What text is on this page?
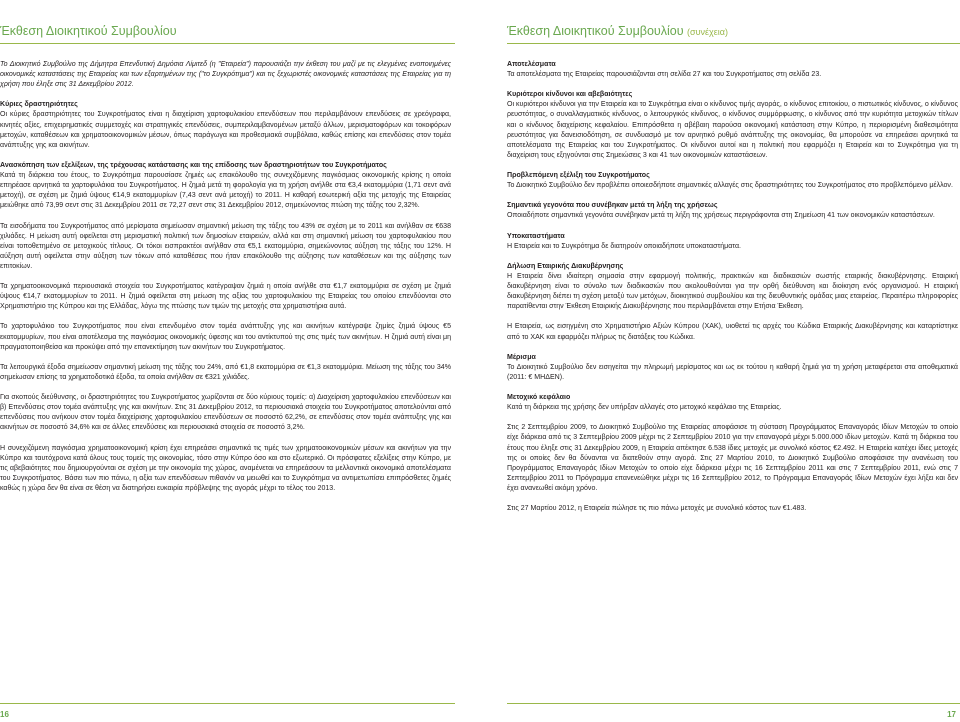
Έκθεση Διοικητικού Συμβουλίου	Έκθεση Διοικητικού Συμβουλίου (συνέχεια)

Το Διοικητικό Συμβούλιο της Δήμητρα Επενδυτική Δημόσια Λίμιτεδ (η "Εταιρεία") παρουσιάζει την έκθεση του μαζί με τις ελεγμένες ενοποιημένες οικονομικές καταστάσεις της Εταιρείας και των εξαρτημένων της ("το Συγκρότημα") και τις ξεχωριστές οικονομικές καταστάσεις της Εταιρείας για τη χρήση που έληξε στις 31 Δεκεμβρίου 2012.

Κύριες δραστηριότητες

Οι κύριες δραστηριότητες του Συγκροτήματος είναι η διαχείριση χαρτοφυλακίου επενδύσεων που περιλαμβάνουν επενδύσεις σε χρεόγραφα, κινητές αξίες, επιχειρηματικές συμμετοχές και στρατηγικές επενδύσεις, συμπεριλαμβανομένων μεταξύ άλλων, μερισματοφόρων και τοκοφόρων μετοχών, καταθέσεων και χρηματοοικονομικών μέσων, όπως παράγωγα και προθεσμιακά συμβόλαια, καθώς επίσης και επενδύσεις στον τομέα ανάπτυξης γης και ακινήτων.

Ανασκόπηση των εξελίξεων, της τρέχουσας κατάστασης και της επίδοσης των δραστηριοτήτων του Συγκροτήματος

Κατά τη διάρκεια του έτους, το Συγκρότημα παρουσίασε ζημιές ως επακόλουθο της συνεχιζόμενης παγκόσμιας οικονομικής κρίσης η οποία επηρέασε αρνητικά τα χαρτοφυλάκια του Συγκροτήματος. Η ζημιά μετά τη φορολογία για τη χρήση ανήλθε στα €3,4 εκατομμύρια (1,71 σεντ ανά μετοχή), σε σχέση με ζημιά ύψους €14,9 εκατομμυρίων (7,43 σεντ ανά μετοχή) το 2011. Η καθαρή εσωτερική αξία της μετοχής της Εταιρείας μειώθηκε από 73,99 σεντ στις 31 Δεκεμβρίου 2011 σε 72,27 σεντ στις 31 Δεκεμβρίου 2012, σημειώνοντας πτώση της τάξης του 2,32%.

Τα εισοδήματα του Συγκροτήματος από μερίσματα σημείωσαν σημαντική μείωση της τάξης του 43% σε σχέση με το 2011 και ανήλθαν σε €638 χιλιάδες. Η μείωση αυτή οφείλεται στη μερισματική πολιτική των δημοσίων εταιρειών, αλλά και στη σημαντική μείωση του χαρτοφυλακίου που είναι τοποθετημένο σε μετοχικούς τίτλους. Οι τόκοι εισπρακτέοι ανήλθαν στα €5,1 εκατομμύρια, σημειώνοντας αύξηση της τάξης του 12%. Η αύξηση αυτή οφείλεται στην αύξηση των τόκων από καταθέσεις που ήταν επακόλουθο της αύξησης των καταθέσεων και της αύξησης των επιτοκίων.

Τα χρηματοοικονομικά περιουσιακά στοιχεία του Συγκροτήματος κατέγραψαν ζημιά η οποία ανήλθε στα €1,7 εκατομμύρια σε σχέση με ζημιά ύψους €14,7 εκατομμυρίων το 2011. Η ζημιά οφείλεται στη μείωση της αξίας του χαρτοφυλακίου της Εταιρείας του οποίου επενδύονται στο Χρηματιστήριο της Κύπρου και της Ελλάδας, λόγω της πτώσης των τιμών της μετοχής στα χρηματιστήρια αυτά.

Το χαρτοφυλάκιο του Συγκροτήματος που είναι επενδυμένο στον τομέα ανάπτυξης γης και ακινήτων κατέγραψε ζημίες ζημιά ύψους €5 εκατομμυρίων, που είναι αποτέλεσμα της παγκόσμιας οικονομικής ύφεσης και του αντίκτυπού της στις τιμές των ακινήτων. Η ζημιά αυτή είναι μη πραγματοποιηθείσα και προκύψει από την επανεκτίμηση των ακινήτων του Συγκροτήματος.

Τα λειτουργικά έξοδα σημείωσαν σημαντική μείωση της τάξης του 24%, από €1,8 εκατομμύρια σε €1,3 εκατομμύρια. Μείωση της τάξης του 34% σημείωσαν επίσης τα χρηματοδοτικά έξοδα, τα οποία ανήλθαν σε €321 χιλιάδες.

Για σκοπούς διεύθυνσης, οι δραστηριότητες του Συγκροτήματος χωρίζονται σε δύο κύριους τομείς: α) Διαχείριση χαρτοφυλακίου επενδύσεων και β) Επενδύσεις στον τομέα ανάπτυξης γης και ακινήτων. Στις 31 Δεκεμβρίου 2012, τα περιουσιακά στοιχεία του Συγκροτήματος αποτελούνται από επενδύσεις που ανήκουν στον τομέα διαχείρισης χαρτοφυλακίου επενδύσεων σε ποσοστό 62,2%, σε επενδύσεις στον τομέα ανάπτυξης γης και ακινήτων σε ποσοστό 34,6% και σε άλλες επενδύσεις και περιουσιακά στοιχεία σε ποσοστό 3,2%.

Η συνεχιζόμενη παγκόσμια χρηματοοικονομική κρίση έχει επηρεάσει σημαντικά τις τιμές των χρηματοοικονομικών μέσων και ακινήτων για την Κύπρο και ταυτόχρονα κατά όλους τους τομείς της οικονομίας, τόσο στην Κύπρο όσο και στο εξωτερικό. Οι πρόσφατες εξελίξεις στην Κύπρο, με τις αβεβαιότητες που δημιουργούνται σε σχέση με την οικονομία της χώρας, αναμένεται να επηρεάσουν τα μελλοντικά οικονομικά αποτελέσματα του Συγκροτήματος. Βάσει των πιο πάνω, η αξία των επενδύσεων πιθανόν να μειωθεί και το Συγκρότημα να αντιμετωπίσει επιπρόσθετες ζημιές καθώς η χώρα δεν θα είναι σε θέση να διατηρήσει ευκαιρία πρόβλεψης της αγοράς μέχρι το τέλος του 2013.

Αποτελέσματα

Τα αποτελέσματα της Εταιρείας παρουσιάζονται στη σελίδα 27 και του Συγκροτήματος στη σελίδα 23.

Κυριότεροι κίνδυνοι και αβεβαιότητες

Οι κυριότεροι κίνδυνοι για την Εταιρεία και το Συγκρότημα είναι ο κίνδυνος τιμής αγοράς, ο κίνδυνος επιτοκίου, ο πιστωτικός κίνδυνος, ο κίνδυνος ρευστότητας, ο συναλλαγματικός κίνδυνος, ο λειτουργικός κίνδυνος, ο κίνδυνος συμμόρφωσης, ο κίνδυνος από την κυριότητα μετοχικών τίτλων και ο κίνδυνος διαχείρισης κεφαλαίου. Επιπρόσθετα η αβέβαιη παρούσα οικονομική κατάσταση στην Κύπρο, η περιορισμένη διαθεσιμότητα ρευστότητας για δανεισιοδότηση, σε συνδυασμό με τον αρνητικό ρυθμό ανάπτυξης της οικονομίας, θα μπορούσε να επηρεάσει αρνητικά τα αποτελέσματα της Εταιρείας και του Συγκροτήματος. Οι κίνδυνοι αυτοί και η πολιτική που εφαρμόζει η Εταιρεία και το Συγκρότημα για τη διαχείριση τους εξηγούνται στις Σημειώσεις 3 και 41 των οικονομικών καταστάσεων.

Προβλεπόμενη εξέλιξη του Συγκροτήματος

Το Διοικητικό Συμβούλιο δεν προβλέπει οποιεσδήποτε σημαντικές αλλαγές στις δραστηριότητες του Συγκροτήματος στο προβλεπόμενο μέλλον.

Σημαντικά γεγονότα που συνέβηκαν μετά τη λήξη της χρήσεως

Οποιαδήποτε σημαντικά γεγονότα συνέβηκαν μετά τη λήξη της χρήσεως περιγράφονται στη Σημείωση 41 των οικονομικών καταστάσεων.

Υποκαταστήματα

Η Εταιρεία και το Συγκρότημα δε διατηρούν οποιαδήποτε υποκαταστήματα.

Δήλωση Εταιρικής Διακυβέρνησης

Η Εταιρεία δίνει ιδιαίτερη σημασία στην εφαρμογή πολιτικής, πρακτικών και διαδικασιών σωστής εταιρικής διακυβέρνησης. Εταιρική διακυβέρνηση είναι το σύνολο των διαδικασιών που ακολουθούνται για την ορθή διεύθυνση και διοίκηση ενός οργανισμού. Η εταιρική διακυβέρνηση διέπει τη σχέση μεταξύ των μετόχων, διοικητικού συμβουλίου και της διευθυντικής ομάδας μιας εταιρείας. Περαιτέρω πληροφορίες παρατίθενται στην Έκθεση Εταιρικής Διακυβέρνησης που περιλαμβάνεται στην Ετήσια Έκθεση.

Η Εταιρεία, ως εισηγμένη στο Χρηματιστήριο Αξιών Κύπρου (ΧΑΚ), υιοθετεί τις αρχές του Κώδικα Εταιρικής Διακυβέρνησης και καταρτίστηκε από το ΧΑΚ και εφαρμόζει πλήρως τις διατάξεις του Κώδικα.

Μέρισμα

Το Διοικητικό Συμβούλιο δεν εισηγείται την πληρωμή μερίσματος και ως εκ τούτου η καθαρή ζημιά για τη χρήση μεταφέρεται στα αποθεματικά (2011: € ΜΗΔΕΝ).

Μετοχικό κεφάλαιο

Κατά τη διάρκεια της χρήσης δεν υπήρξαν αλλαγές στο μετοχικό κεφάλαιο της Εταιρείας.

Στις 2 Σεπτεμβρίου 2009, το Διοικητικό Συμβούλιο της Εταιρείας αποφάσισε τη σύσταση Προγράμματος Επαναγοράς Ιδίων Μετοχών το οποίο είχε διάρκεια από τις 3 Σεπτεμβρίου 2009 μέχρι τις 2 Σεπτεμβρίου 2010 για την επαναγορά μέχρι 5.000.000 ιδίων μετοχών. Κατά τη διάρκεια του έτους που έληξε στις 31 Δεκεμβρίου 2009, η Εταιρεία απέκτησε 6.538 ίδιες μετοχές με συνολικό κόστος €2.492. Η Εταιρεία κατέχει ίδιες μετοχές της οι οποίες δεν θα δύνανται να διατεθούν στην αγορά. Στις 27 Μαρτίου 2010, το Διοικητικό Συμβούλιο αποφάσισε την ανανέωση του Προγράμματος Επαναγοράς Ιδίων Μετοχών το οποίο είχε διάρκεια μέχρι τις 16 Σεπτεμβρίου 2011 και στις 7 Σεπτεμβρίου 2011, ενώ στις 7 Σεπτεμβρίου 2011 το Πρόγραμμα επανενεώθηκε μέχρι τις 16 Σεπτεμβρίου 2012, το Πρόγραμμα Επαναγοράς Ιδίων Μετοχών έχει λήξει και δεν έχει ανανεωθεί ακόμη χρόνο.

Στις 27 Μαρτίου 2012, η Εταιρεία πώλησε τις πιο πάνω μετοχές με συνολικό κόστος των €1.483.

16	17
